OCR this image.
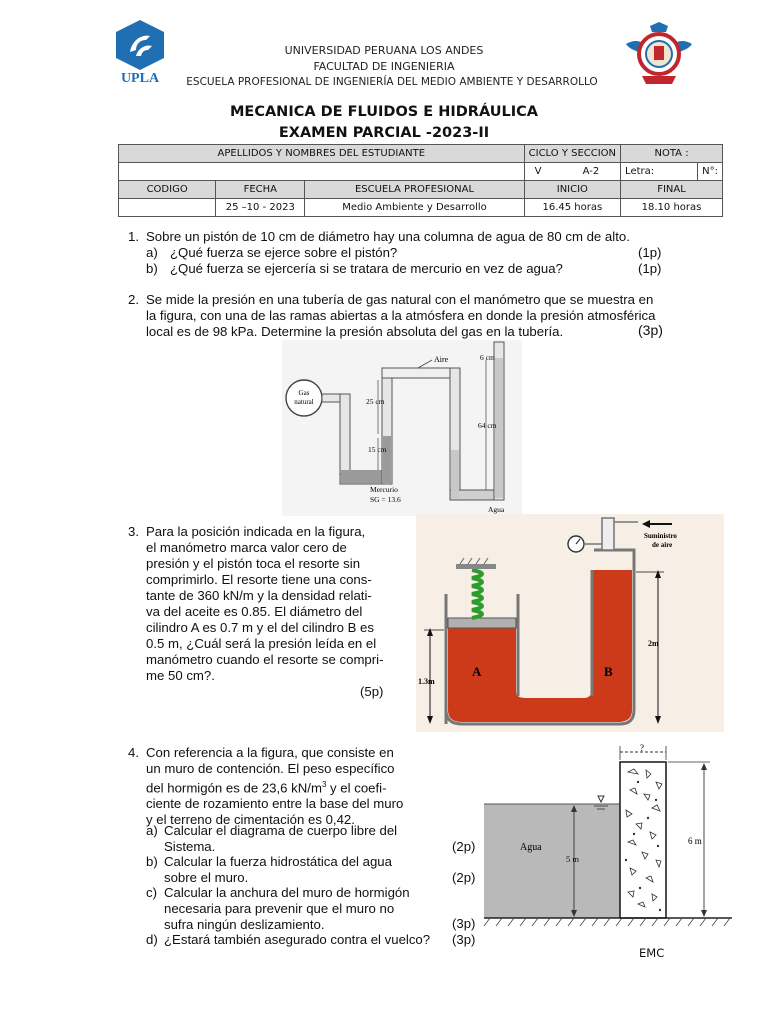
UPLA
UNIVERSIDAD PERUANA LOS ANDES
FACULTAD DE INGENIERIA
ESCUELA PROFESIONAL DE INGENIERÍA DEL MEDIO AMBIENTE Y DESARROLLO
MECANICA DE FLUIDOS E HIDRÁULICA
EXAMEN PARCIAL -2023-II
APELLIDOS Y NOMBRES DEL ESTUDIANTE			CICLO Y SECCION	NOTA :	
			V A-2	Letra:	N°:
CODIGO	FECHA	ESCUELA PROFESIONAL	INICIO	FINAL	
	25 –10 - 2023	Medio Ambiente y Desarrollo	16.45 horas	18.10 horas	
1. Sobre un pistón de 10 cm de diámetro hay una columna de agua de 80 cm de alto.
a) ¿Qué fuerza se ejerce sobre el pistón?	(1p)
b) ¿Qué fuerza se ejercería si se tratara de mercurio en vez de agua?	(1p)
2. Se mide la presión en una tubería de gas natural con el manómetro que se muestra en
la figura, con una de las ramas abiertas a la atmósfera en donde la presión atmosférica
local es de 98 kPa. Determine la presión absoluta del gas en la tubería.	(3p)
Gas
natural
Aire	6 cm
25 cm
15 cm
64 cm
Mercurio
SG = 13.6
Agua
3. Para la posición indicada en la figura,
el manómetro marca valor cero de
presión y el pistón toca el resorte sin
comprimirlo. El resorte tiene una cons-
tante de 360 kN/m y la densidad relati-
va del aceite es 0.85. El diámetro del
cilindro A es 0.7 m y el del cilindro B es
0.5 m, ¿Cuál será la presión leída en el
manómetro cuando el resorte se compri-
me 50 cm?.
(5p)
Suministro
de aire
A	B
1.3m
2m
4. Con referencia a la figura, que consiste en
un muro de contención. El peso específico
del hormigón es de 23,6 $kN/m^3$ y el coefi-
ciente de rozamiento entre la base del muro
y el terreno de cimentación es 0,42.
a) Calcular el diagrama de cuerpo libre del
Sistema.	(2p)
b) Calcular la fuerza hidrostática del agua
sobre el muro.	(2p)
c) Calcular la anchura del muro de hormigón
necesaria para prevenir que el muro no
sufra ningún deslizamiento.	(3p)
d) ¿Estará también asegurado contra el vuelco? (3p)
Agua
5 m
?
6 m
EMC
